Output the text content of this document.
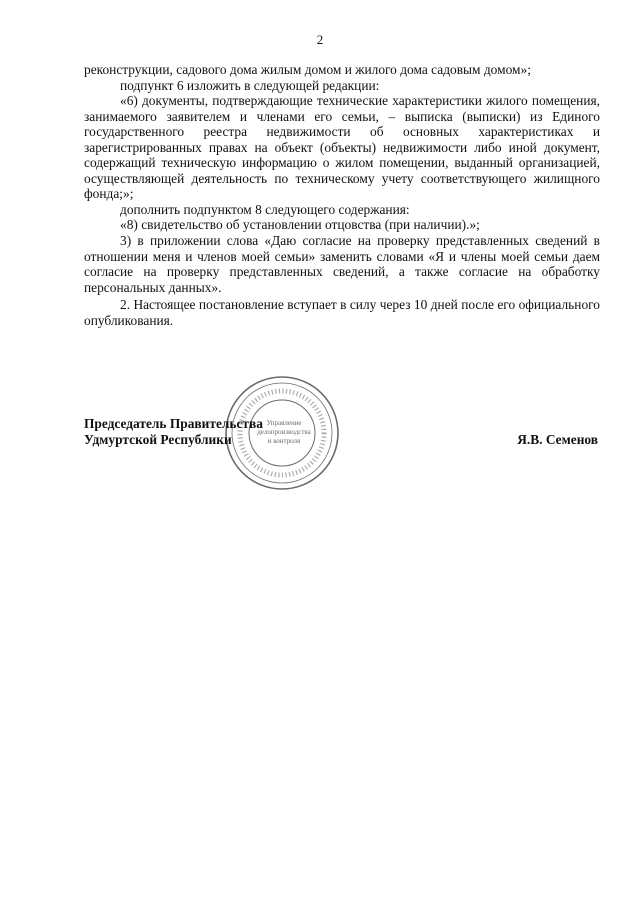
2

реконструкции, садового дома жилым домом и жилого дома садовым домом»;

подпункт 6 изложить в следующей редакции:

«6) документы, подтверждающие технические характеристики жилого помещения, занимаемого заявителем и членами его семьи, – выписка (выписки) из Единого государственного реестра недвижимости об основных характеристиках и зарегистрированных правах на объект (объекты) недвижимости либо иной документ, содержащий техническую информацию о жилом помещении, выданный организацией, осуществляющей деятельность по техническому учету соответствующего жилищного фонда;»;

дополнить подпунктом 8 следующего содержания:

«8) свидетельство об установлении отцовства (при наличии).»;

3) в приложении слова «Даю согласие на проверку представленных сведений в отношении меня и членов моей семьи» заменить словами «Я и члены моей семьи даем согласие на проверку представленных сведений, а также согласие на обработку персональных данных».

2. Настоящее постановление вступает в силу через 10 дней после его официального опубликования.

Управление
делопроизводства
и контроля
Председатель Правительства
Удмуртской Республики	Я.В. Семенов
